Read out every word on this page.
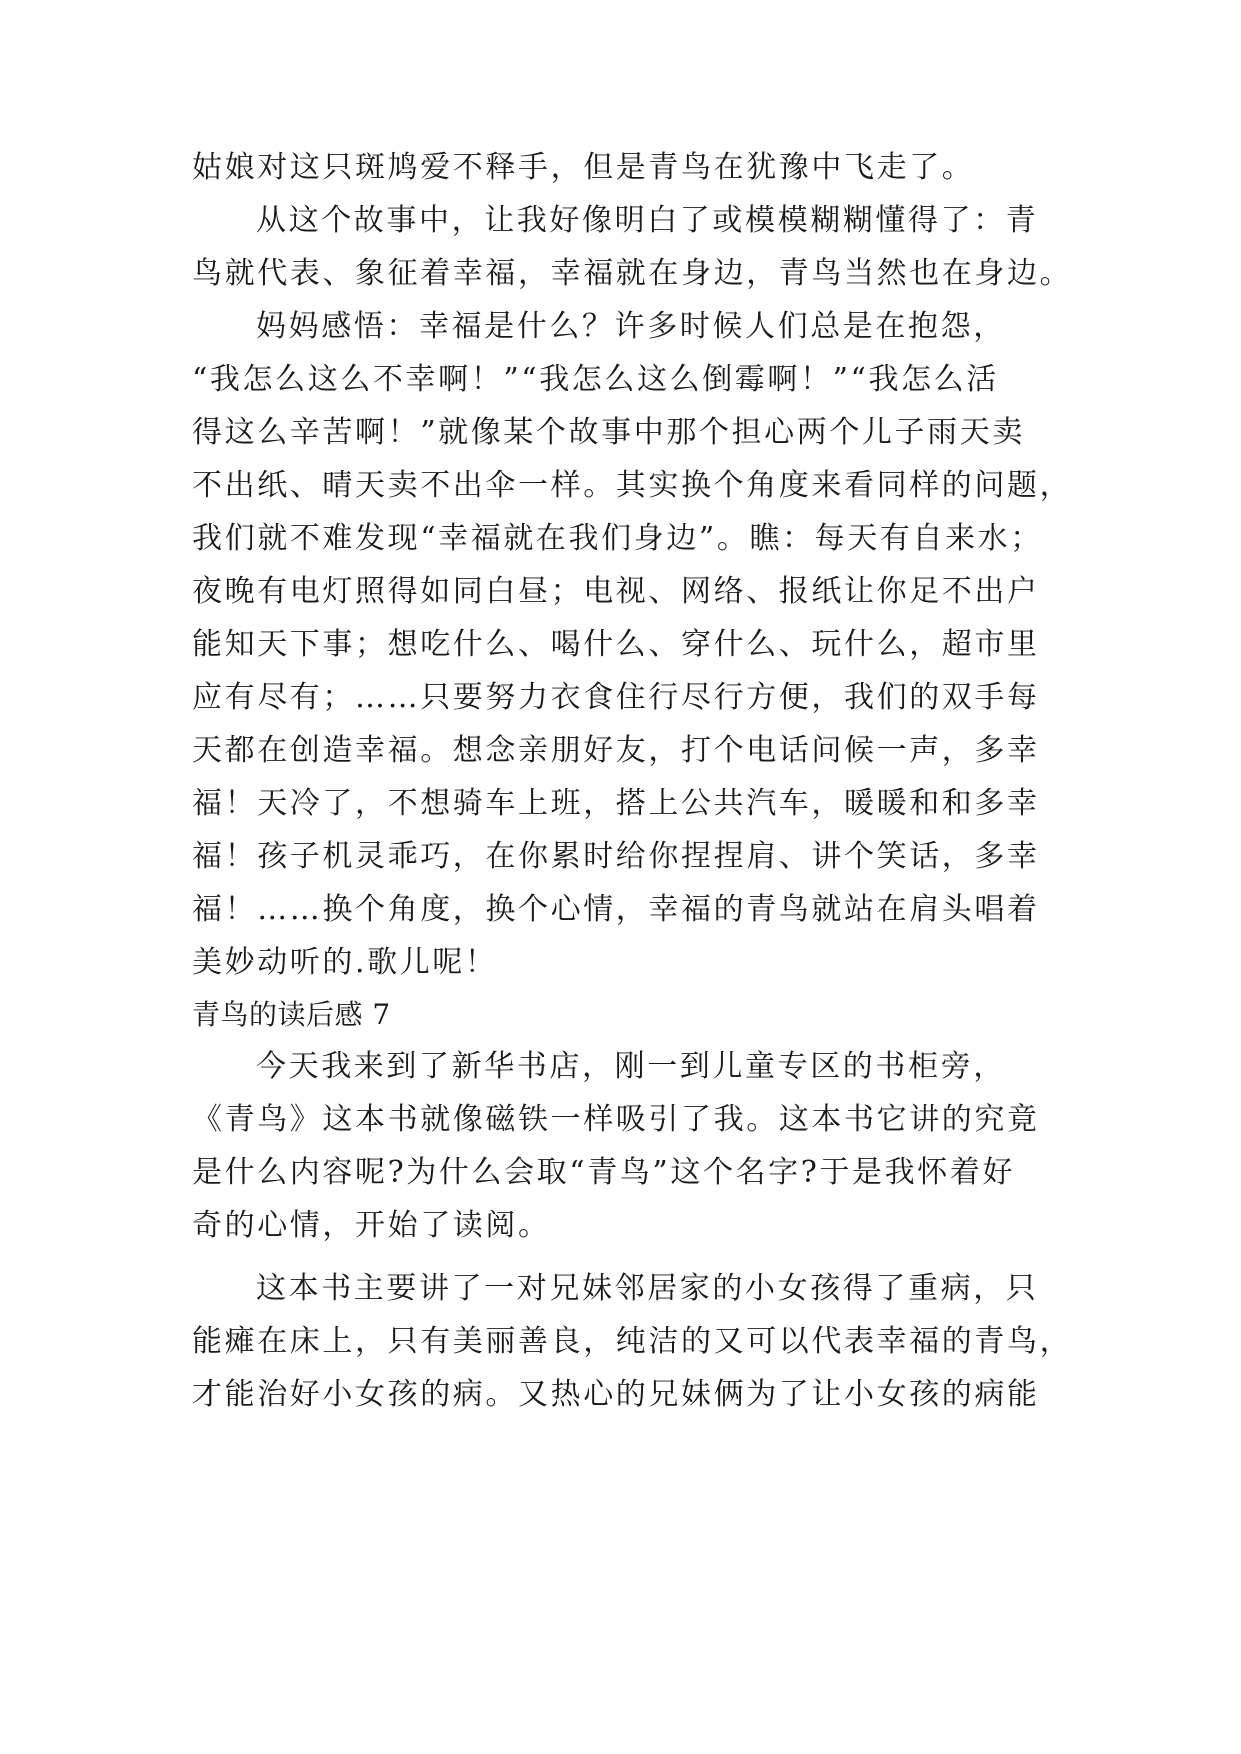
姑娘对这只斑鸠爱不释手，但是青鸟在犹豫中飞走了。
从这个故事中，让我好像明白了或模模糊糊懂得了：青
鸟就代表、象征着幸福，幸福就在身边，青鸟当然也在身边。
妈妈感悟：幸福是什么？许多时候人们总是在抱怨，
“我怎么这么不幸啊！”“我怎么这么倒霉啊！”“我怎么活
得这么辛苦啊！”就像某个故事中那个担心两个儿子雨天卖
不出纸、晴天卖不出伞一样。其实换个角度来看同样的问题，
我们就不难发现“幸福就在我们身边”。瞧：每天有自来水；
夜晚有电灯照得如同白昼；电视、网络、报纸让你足不出户
能知天下事；想吃什么、喝什么、穿什么、玩什么，超市里
应有尽有；……只要努力衣食住行尽行方便，我们的双手每
天都在创造幸福。想念亲朋好友，打个电话问候一声，多幸
福！天冷了，不想骑车上班，搭上公共汽车，暖暖和和多幸
福！孩子机灵乖巧，在你累时给你捏捏肩、讲个笑话，多幸
福！……换个角度，换个心情，幸福的青鸟就站在肩头唱着
美妙动听的.歌儿呢！
青鸟的读后感 7
今天我来到了新华书店，刚一到儿童专区的书柜旁，
《青鸟》这本书就像磁铁一样吸引了我。这本书它讲的究竟
是什么内容呢?为什么会取“青鸟”这个名字?于是我怀着好
奇的心情，开始了读阅。
这本书主要讲了一对兄妹邻居家的小女孩得了重病，只
能瘫在床上，只有美丽善良，纯洁的又可以代表幸福的青鸟，
才能治好小女孩的病。又热心的兄妹俩为了让小女孩的病能
